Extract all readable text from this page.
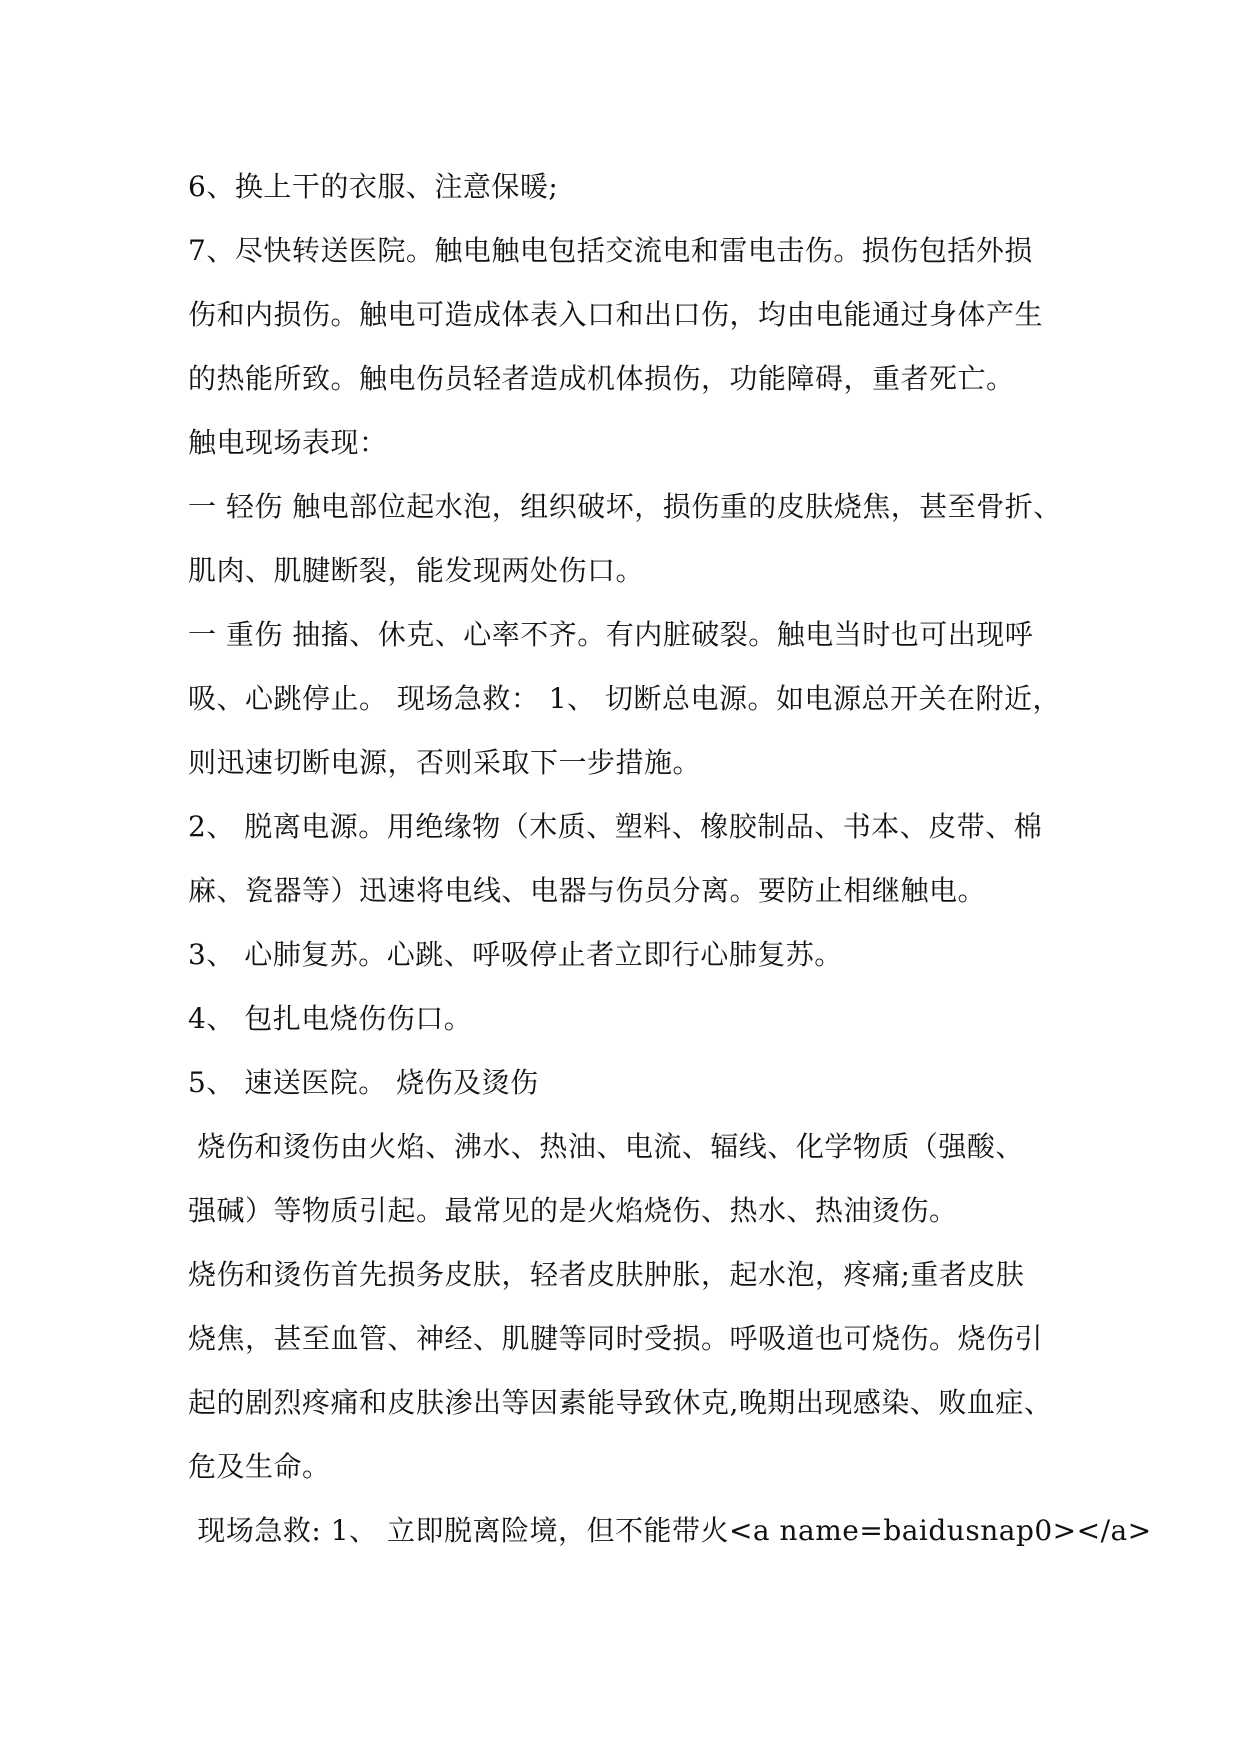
6、换上干的衣服、注意保暖;
7、尽快转送医院。触电触电包括交流电和雷电击伤。损伤包括外损
伤和内损伤。触电可造成体表入口和出口伤，均由电能通过身体产生
的热能所致。触电伤员轻者造成机体损伤，功能障碍，重者死亡。
触电现场表现：
一 轻伤 触电部位起水泡，组织破坏，损伤重的皮肤烧焦，甚至骨折、
肌肉、肌腱断裂，能发现两处伤口。
一 重伤 抽搐、休克、心率不齐。有内脏破裂。触电当时也可出现呼
吸、心跳停止。 现场急救： 1、 切断总电源。如电源总开关在附近，
则迅速切断电源，否则采取下一步措施。
2、 脱离电源。用绝缘物（木质、塑料、橡胶制品、书本、皮带、棉
麻、瓷器等）迅速将电线、电器与伤员分离。要防止相继触电。
3、 心肺复苏。心跳、呼吸停止者立即行心肺复苏。
4、 包扎电烧伤伤口。
5、 速送医院。 烧伤及烫伤
烧伤和烫伤由火焰、沸水、热油、电流、辐线、化学物质（强酸、
强碱）等物质引起。最常见的是火焰烧伤、热水、热油烫伤。
烧伤和烫伤首先损务皮肤，轻者皮肤肿胀，起水泡，疼痛;重者皮肤
烧焦，甚至血管、神经、肌腱等同时受损。呼吸道也可烧伤。烧伤引
起的剧烈疼痛和皮肤渗出等因素能导致休克,晚期出现感染、败血症、
危及生命。
现场急救: 1、 立即脱离险境，但不能带火<a name=baidusnap0></a>
